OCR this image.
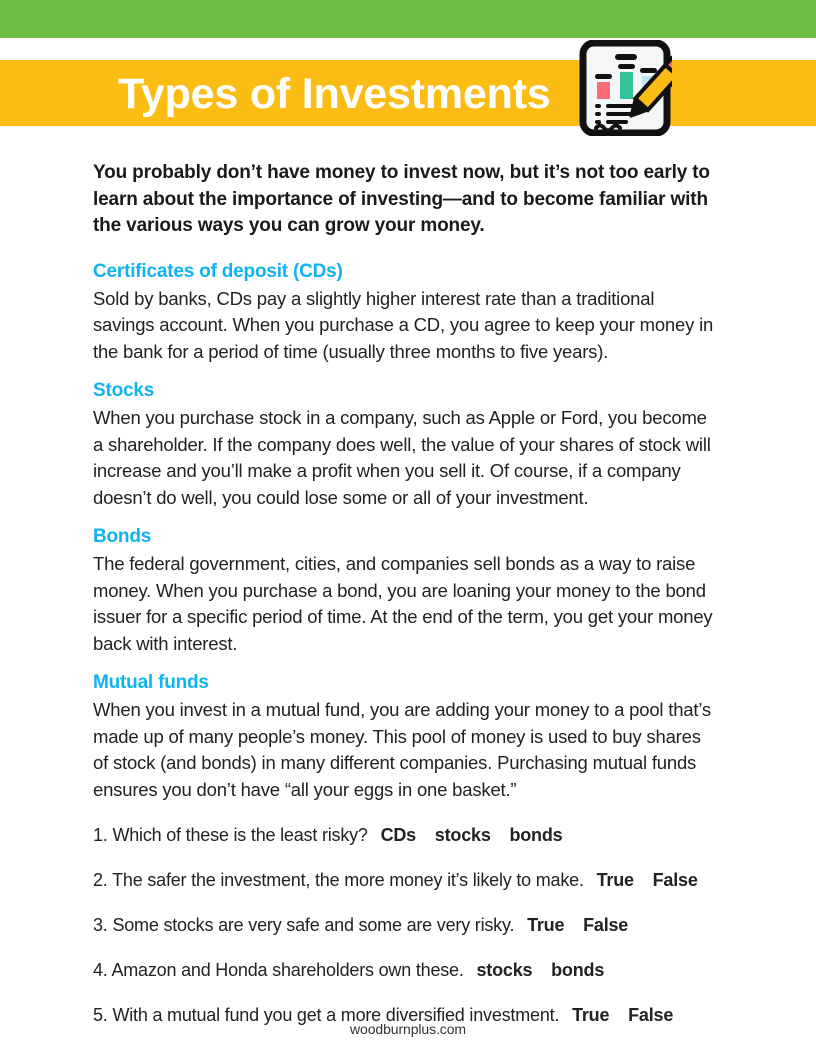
Types of Investments

You probably don’t have money to invest now, but it’s not too early to learn about the importance of investing—and to become familiar with the various ways you can grow your money.

Certificates of deposit (CDs)

Sold by banks, CDs pay a slightly higher interest rate than a traditional savings account. When you purchase a CD, you agree to keep your money in the bank for a period of time (usually three months to five years).

Stocks

When you purchase stock in a company, such as Apple or Ford, you become a shareholder. If the company does well, the value of your shares of stock will increase and you’ll make a profit when you sell it. Of course, if a company doesn’t do well, you could lose some or all of your investment.

Bonds

The federal government, cities, and companies sell bonds as a way to raise money. When you purchase a bond, you are loaning your money to the bond issuer for a specific period of time. At the end of the term, you get your money back with interest.

Mutual funds

When you invest in a mutual fund, you are adding your money to a pool that’s made up of many people’s money. This pool of money is used to buy shares of stock (and bonds) in many different companies. Purchasing mutual funds ensures you don’t have “all your eggs in one basket.”

1. Which of these is the least risky? CDs stocks bonds
2. The safer the investment, the more money it’s likely to make. True False
3. Some stocks are very safe and some are very risky. True False
4. Amazon and Honda shareholders own these. stocks bonds
5. With a mutual fund you get a more diversified investment. True False
woodburnplus.com
